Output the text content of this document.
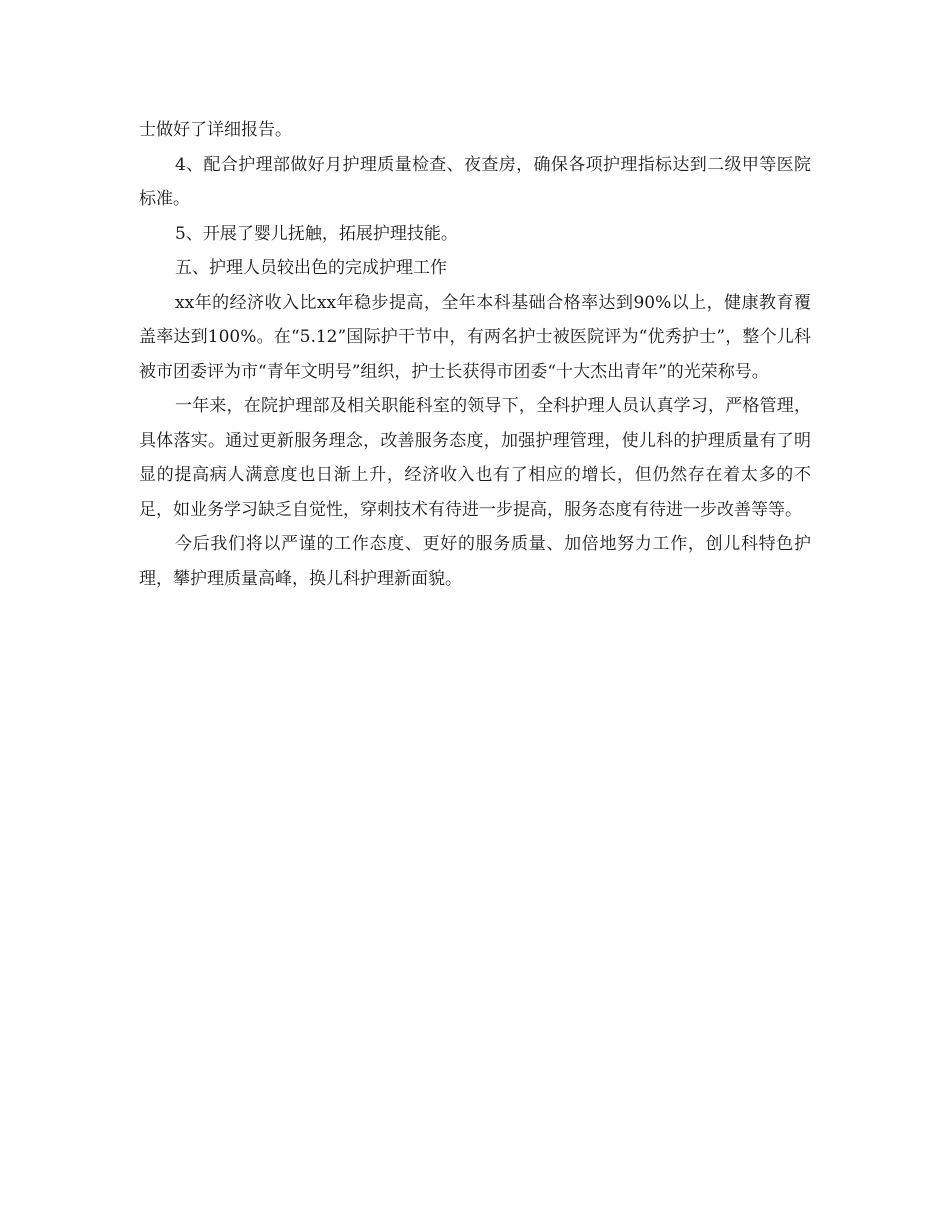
士做好了详细报告。

4、配合护理部做好月护理质量检查、夜查房，确保各项护理指标达到二级甲等医院标准。

5、开展了婴儿抚触，拓展护理技能。

五、护理人员较出色的完成护理工作

xx年的经济收入比xx年稳步提高，全年本科基础合格率达到90%以上，健康教育覆盖率达到100%。在“5.12”国际护干节中，有两名护士被医院评为“优秀护士”，整个儿科被市团委评为市“青年文明号”组织，护士长获得市团委“十大杰出青年”的光荣称号。

一年来，在院护理部及相关职能科室的领导下，全科护理人员认真学习，严格管理，具体落实。通过更新服务理念，改善服务态度，加强护理管理，使儿科的护理质量有了明显的提高病人满意度也日渐上升，经济收入也有了相应的增长，但仍然存在着太多的不足，如业务学习缺乏自觉性，穿刺技术有待进一步提高，服务态度有待进一步改善等等。

今后我们将以严谨的工作态度、更好的服务质量、加倍地努力工作，创儿科特色护理，攀护理质量高峰，换儿科护理新面貌。
